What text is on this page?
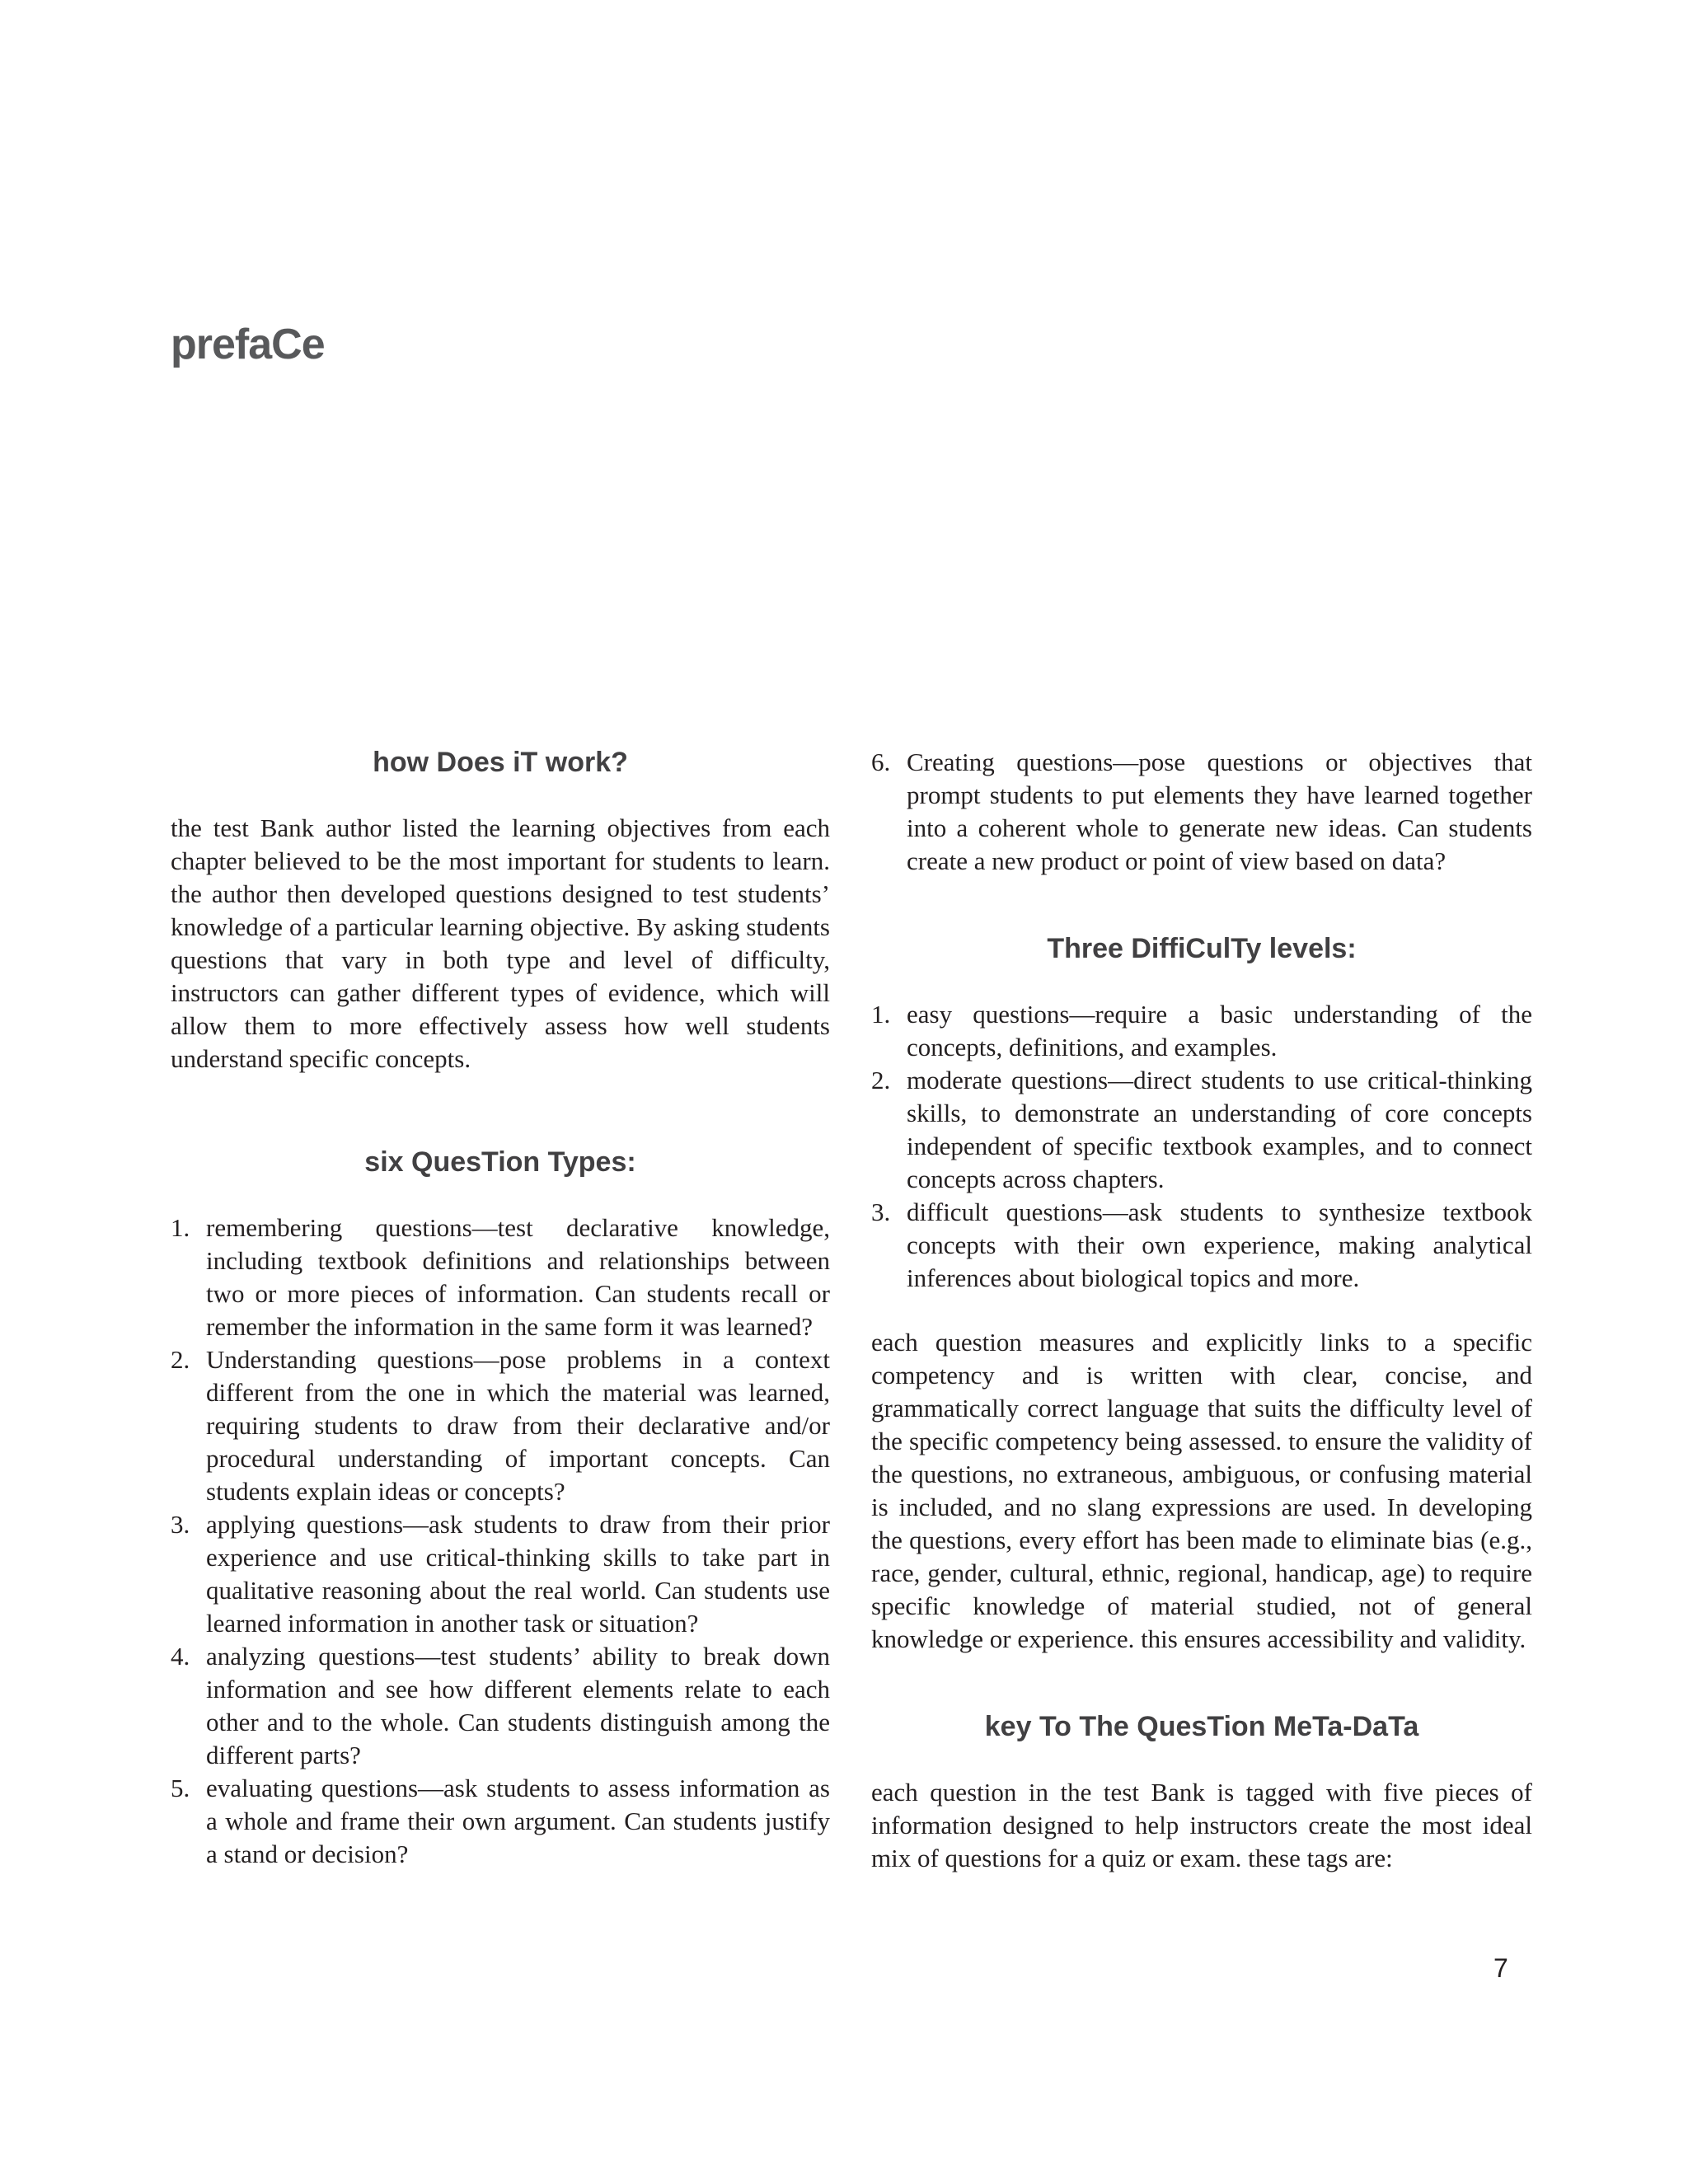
prefaCe
how Does iT work?

the test Bank author listed the learning objectives from each chapter believed to be the most important for students to learn. the author then developed questions designed to test students’ knowledge of a particular learning objective. By asking students questions that vary in both type and level of difficulty, instructors can gather different types of evidence, which will allow them to more effectively assess how well students understand specific concepts.

six QuesTion Types:
1. remembering questions—test declarative knowledge, including textbook definitions and relationships between two or more pieces of information. Can students recall or remember the information in the same form it was learned?
2. Understanding questions—pose problems in a context different from the one in which the material was learned, requiring students to draw from their declarative and/or procedural understanding of important concepts. Can students explain ideas or concepts?
3. applying questions—ask students to draw from their prior experience and use critical-thinking skills to take part in qualitative reasoning about the real world. Can students use learned information in another task or situation?
4. analyzing questions—test students’ ability to break down information and see how different elements relate to each other and to the whole. Can students distinguish among the different parts?
5. evaluating questions—ask students to assess information as a whole and frame their own argument. Can students justify a stand or decision?
6. Creating questions—pose questions or objectives that prompt students to put elements they have learned together into a coherent whole to generate new ideas. Can students create a new product or point of view based on data?
Three DiffiCulTy levels:
1. easy questions—require a basic understanding of the concepts, definitions, and examples.
2. moderate questions—direct students to use critical-thinking skills, to demonstrate an understanding of core concepts independent of specific textbook examples, and to connect concepts across chapters.
3. difficult questions—ask students to synthesize textbook concepts with their own experience, making analytical inferences about biological topics and more.

each question measures and explicitly links to a specific competency and is written with clear, concise, and grammatically correct language that suits the difficulty level of the specific competency being assessed. to ensure the validity of the questions, no extraneous, ambiguous, or confusing material is included, and no slang expressions are used. In developing the questions, every effort has been made to eliminate bias (e.g., race, gender, cultural, ethnic, regional, handicap, age) to require specific knowledge of material studied, not of general knowledge or experience. this ensures accessibility and validity.

key To The QuesTion MeTa-DaTa

each question in the test Bank is tagged with five pieces of information designed to help instructors create the most ideal mix of questions for a quiz or exam. these tags are:

7
